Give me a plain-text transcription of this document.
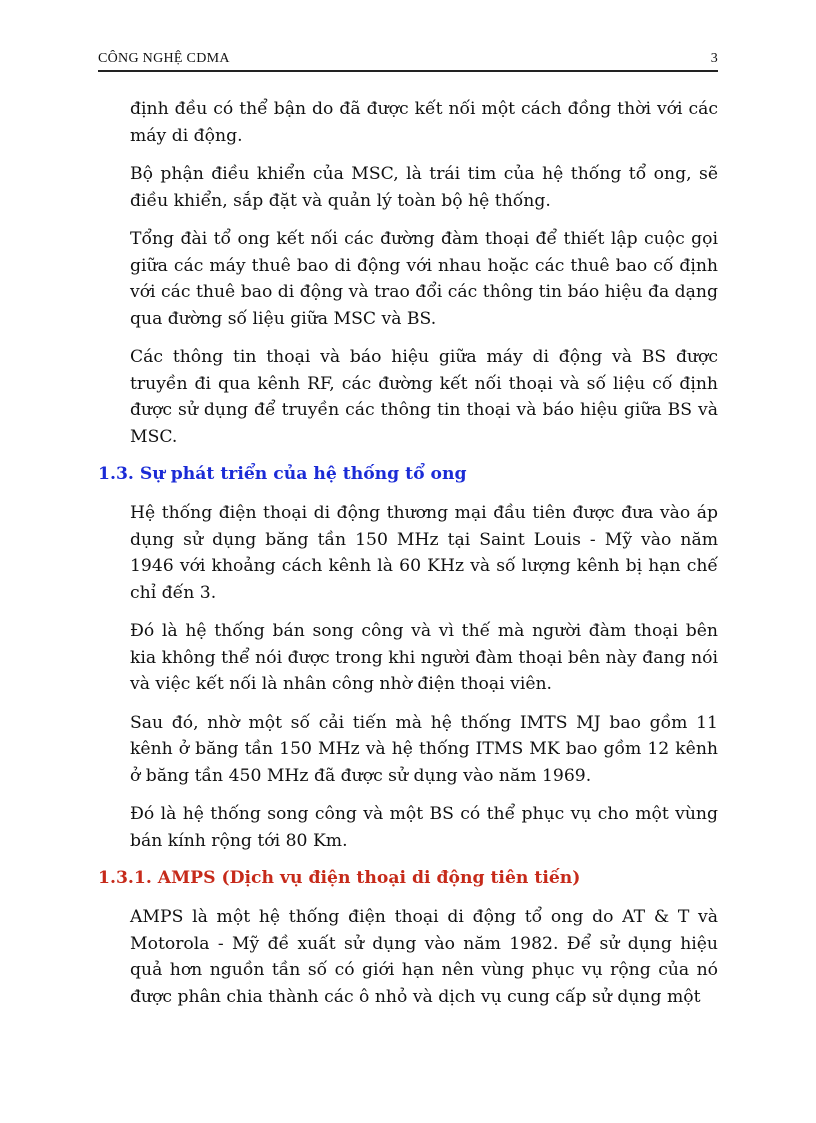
CÔNG NGHỆ CDMA	3

định đều có thể bận do đã được kết nối một cách đồng thời với các máy di động.

Bộ phận điều khiển của MSC, là trái tim của hệ thống tổ ong, sẽ điều khiển, sắp đặt và quản lý toàn bộ hệ thống.

Tổng đài tổ ong kết nối các đường đàm thoại để thiết lập cuộc gọi giữa các máy thuê bao di động với nhau hoặc các thuê bao cố định với các thuê bao di động và trao đổi các thông tin báo hiệu đa dạng qua đường số liệu giữa MSC và BS.

Các thông tin thoại và báo hiệu giữa máy di động và BS được truyền đi qua kênh RF, các đường kết nối thoại và số liệu cố định được sử dụng để truyền các thông tin thoại và báo hiệu giữa BS và MSC.

1.3. Sự phát triển của hệ thống tổ ong

Hệ thống điện thoại di động thương mại đầu tiên được đưa vào áp dụng sử dụng băng tần 150 MHz tại Saint Louis - Mỹ vào năm 1946 với khoảng cách kênh là 60 KHz và số lượng kênh bị hạn chế chỉ đến 3.

Đó là hệ thống bán song công và vì thế mà người đàm thoại bên kia không thể nói được trong khi người đàm thoại bên này đang nói và việc kết nối là nhân công nhờ điện thoại viên.

Sau đó, nhờ một số cải tiến mà hệ thống IMTS MJ bao gồm 11 kênh ở băng tần 150 MHz và hệ thống ITMS MK bao gồm 12 kênh ở băng tần 450 MHz đã được sử dụng vào năm 1969.

Đó là hệ thống song công và một BS có thể phục vụ cho một vùng bán kính rộng tới 80 Km.

1.3.1. AMPS (Dịch vụ điện thoại di động tiên tiến)

AMPS là một hệ thống điện thoại di động tổ ong do AT & T và Motorola - Mỹ đề xuất sử dụng vào năm 1982. Để sử dụng hiệu quả hơn nguồn tần số có giới hạn nên vùng phục vụ rộng của nó được phân chia thành các ô nhỏ và dịch vụ cung cấp sử dụng một
